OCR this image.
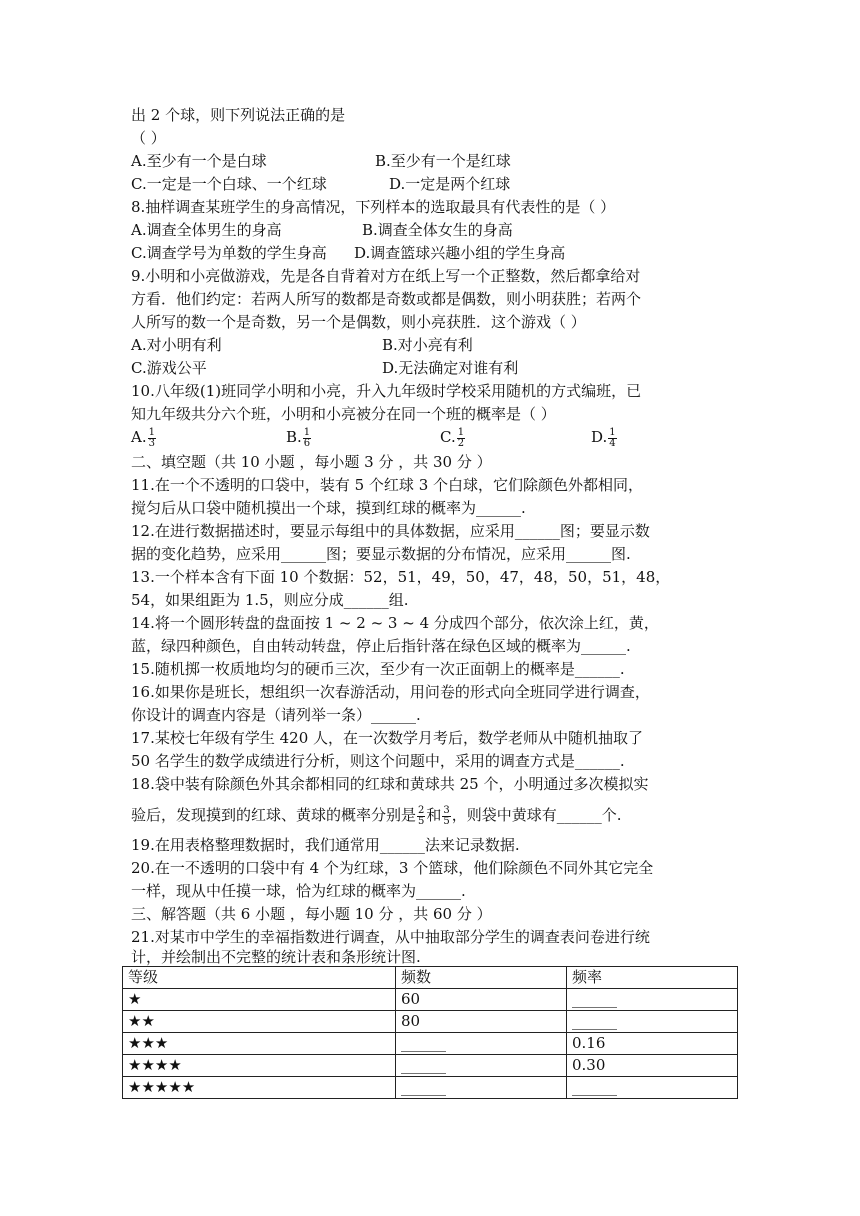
出 2 个球，则下列说法正确的是
（ ）
A.至少有一个是白球	B.至少有一个是红球
C.一定是一个白球、一个红球	D.一定是两个红球
8.抽样调查某班学生的身高情况，下列样本的选取最具有代表性的是（ ）
A.调查全体男生的身高	B.调查全体女生的身高
C.调查学号为单数的学生身高 D.调查篮球兴趣小组的学生身高
9.小明和小亮做游戏，先是各自背着对方在纸上写一个正整数，然后都拿给对
方看．他们约定：若两人所写的数都是奇数或都是偶数，则小明获胜；若两个
人所写的数一个是奇数，另一个是偶数，则小亮获胜．这个游戏（ ）
A.对小明有利	B.对小亮有利
C.游戏公平	D.无法确定对谁有利
10.八年级(1)班同学小明和小亮，升入九年级时学校采用随机的方式编班，已
知九年级共分六个班，小明和小亮被分在同一个班的概率是（ ）
A. $\frac{1}{3}$	B. $\frac{1}{6}$	C. $\frac{1}{2}$	D. $\frac{1}{4}$
二、填空题（共 10 小题 ，每小题 3 分 ，共 30 分 ）
11.在一个不透明的口袋中，装有 5 个红球 3 个白球，它们除颜色外都相同，
搅匀后从口袋中随机摸出一个球，摸到红球的概率为______.
12.在进行数据描述时，要显示每组中的具体数据，应采用______图；要显示数
据的变化趋势，应采用______图；要显示数据的分布情况，应采用______图.
13.一个样本含有下面 10 个数据：52，51，49，50，47，48，50，51，48，
54，如果组距为 1.5，则应分成______组.
14.将一个圆形转盘的盘面按 1 ~ 2 ~ 3 ~ 4 分成四个部分，依次涂上红，黄，
蓝，绿四种颜色，自由转动转盘，停止后指针落在绿色区域的概率为______.
15.随机掷一枚质地均匀的硬币三次，至少有一次正面朝上的概率是______.
16.如果你是班长，想组织一次春游活动，用问卷的形式向全班同学进行调查，
你设计的调查内容是（请列举一条）______.
17.某校七年级有学生 420 人，在一次数学月考后，数学老师从中随机抽取了
50 名学生的数学成绩进行分析，则这个问题中，采用的调查方式是______.
18.袋中装有除颜色外其余都相同的红球和黄球共 25 个，小明通过多次模拟实
验后，发现摸到的红球、黄球的概率分别是 $\frac{2}{5}$ 和 $\frac{3}{5}$ ，则袋中黄球有______个.
19.在用表格整理数据时，我们通常用______法来记录数据.
20.在一不透明的口袋中有 4 个为红球，3 个篮球，他们除颜色不同外其它完全
一样，现从中任摸一球，恰为红球的概率为______.
三、解答题（共 6 小题 ，每小题 10 分 ，共 60 分 ）
21.对某市中学生的幸福指数进行调查，从中抽取部分学生的调查表问卷进行统
计，并绘制出不完整的统计表和条形统计图.
等级	频数	频率
★	60	______
★★	80	______
★★★	______	0.16
★★★★	______	0.30
★★★★★	______	______
